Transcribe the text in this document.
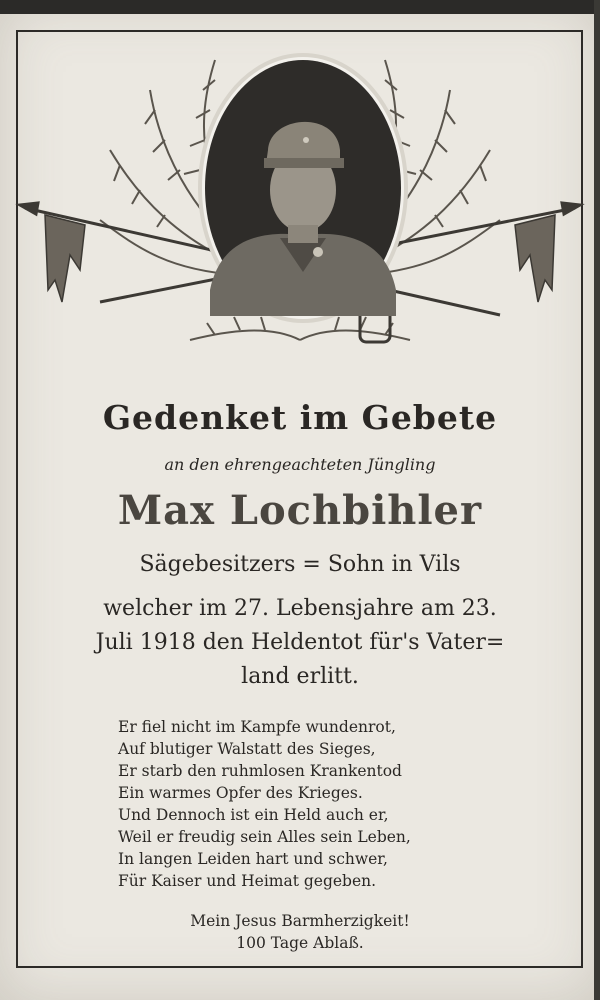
Gedenket im Gebete
an den ehrengeachteten Jüngling
Max Lochbihler
Sägebesitzers = Sohn in Vils
welcher im 27. Lebensjahre am 23.
Juli 1918 den Heldentot für's Vater=
land erlitt.
Er fiel nicht im Kampfe wundenrot,
Auf blutiger Walstatt des Sieges,
Er starb den ruhmlosen Krankentod
Ein warmes Opfer des Krieges.
Und Dennoch ist ein Held auch er,
Weil er freudig sein Alles sein Leben,
In langen Leiden hart und schwer,
Für Kaiser und Heimat gegeben.
Mein Jesus Barmherzigkeit!
100 Tage Ablaß.
